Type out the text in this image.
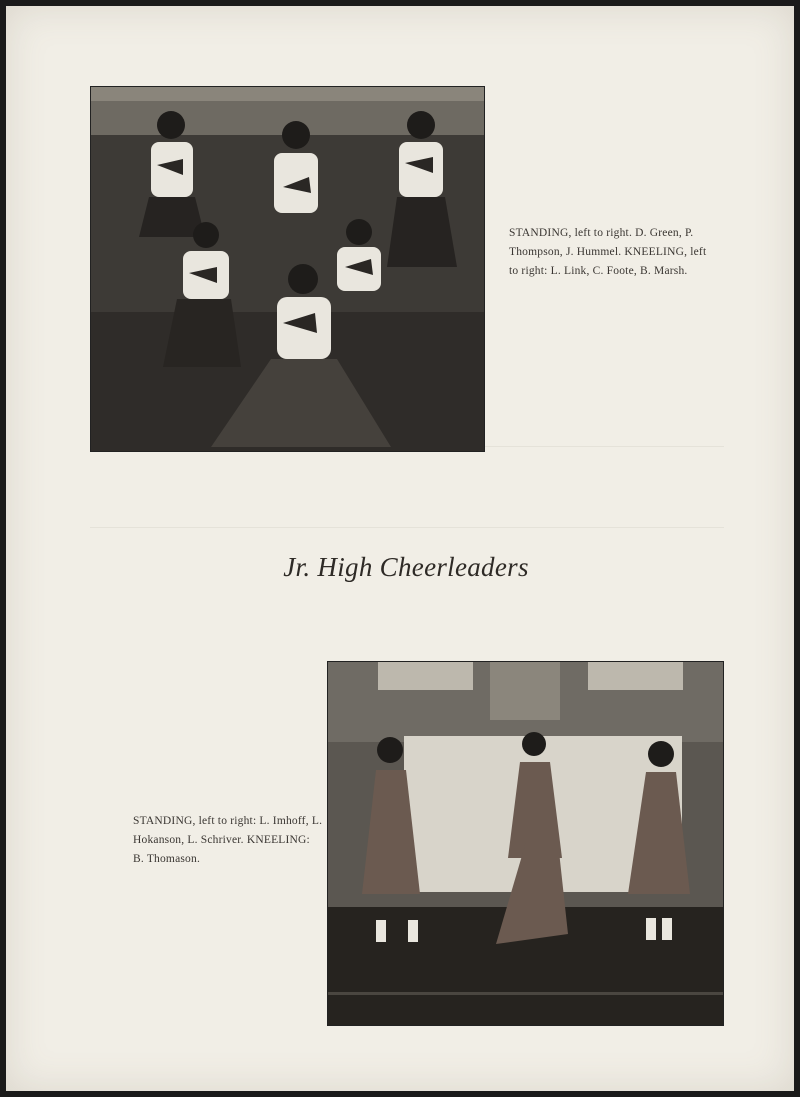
STANDING, left to right. D. Green, P. Thompson, J. Hummel. KNEELING, left to right: L. Link, C. Foote, B. Marsh.
Jr. High Cheerleaders
STANDING, left to right: L. Imhoff, L. Hokanson, L. Schriver. KNEELING: B. Thomason.
